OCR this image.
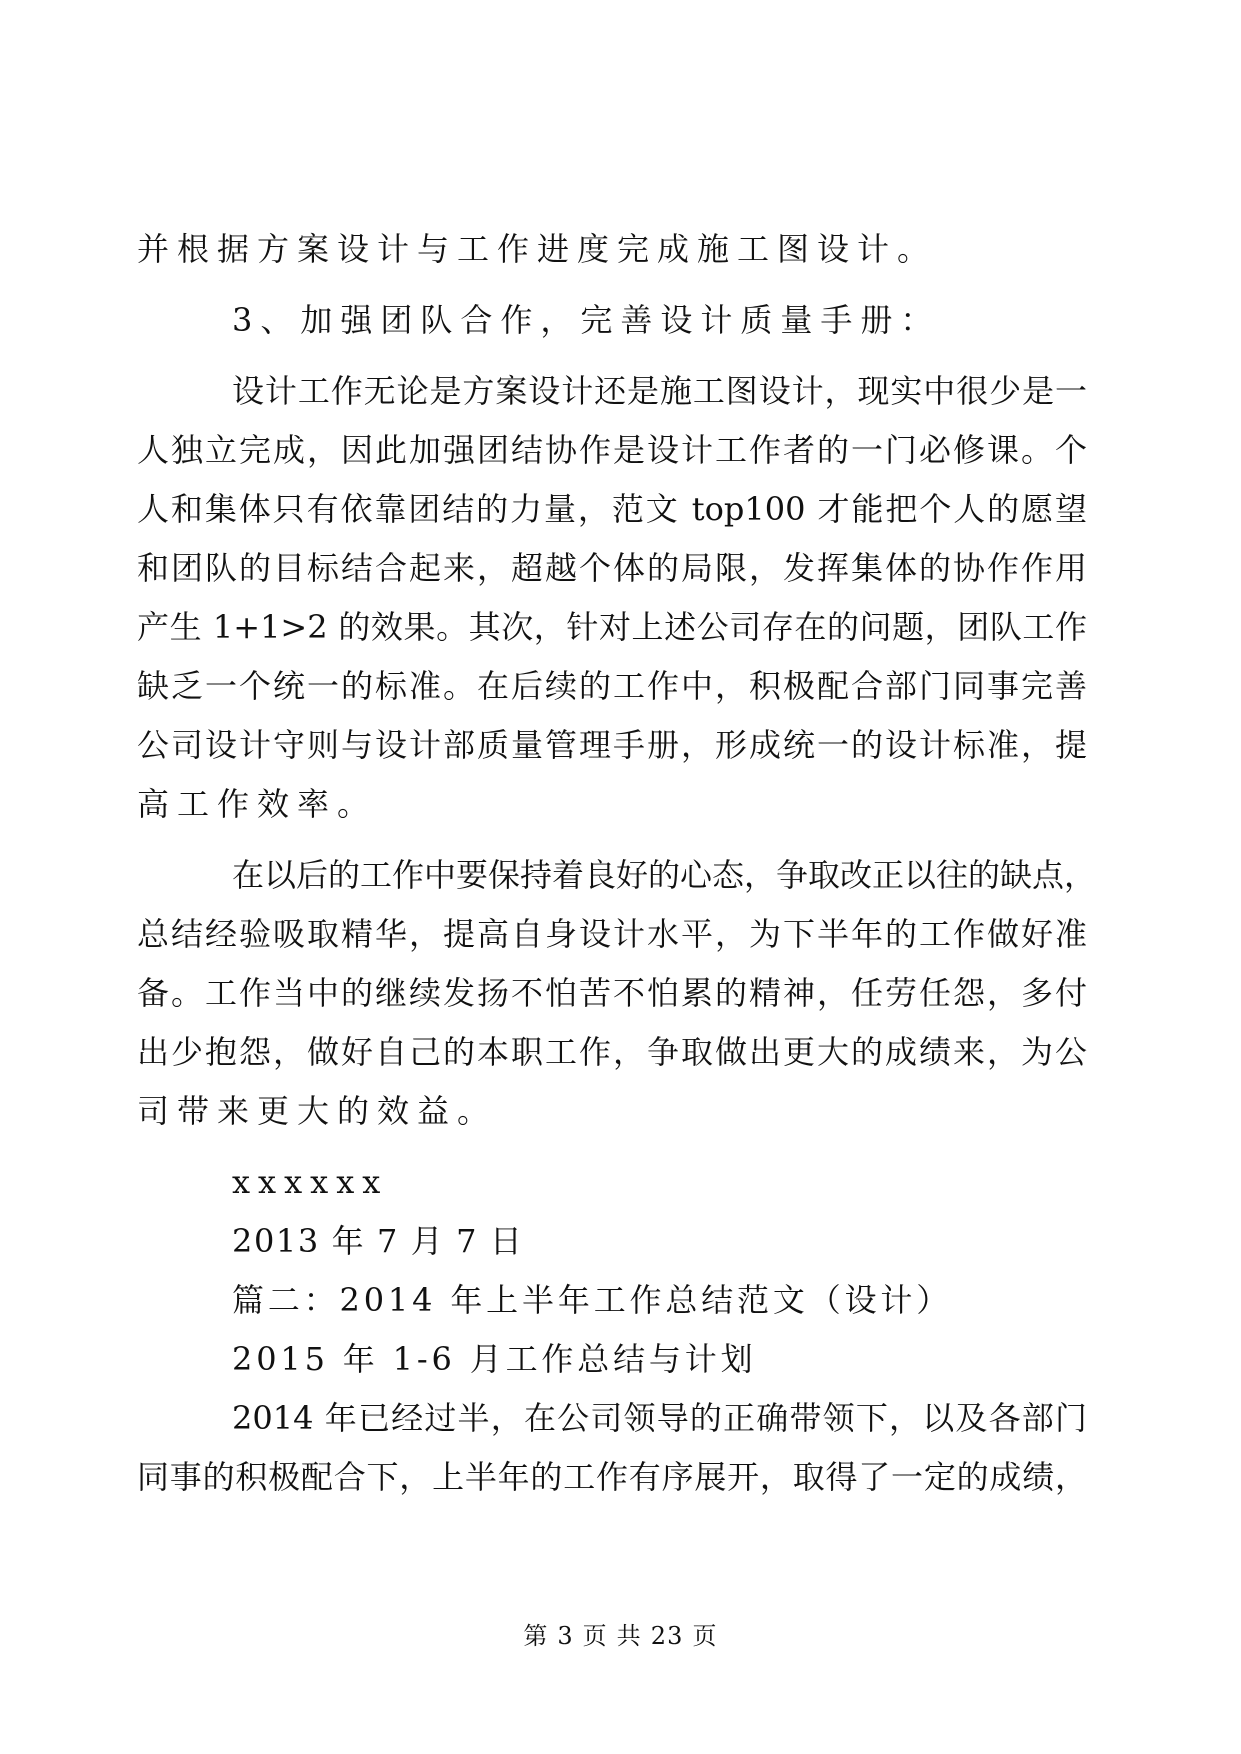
并根据方案设计与工作进度完成施工图设计。
3、加强团队合作，完善设计质量手册：
设计工作无论是方案设计还是施工图设计，现实中很少是一
人独立完成，因此加强团结协作是设计工作者的一门必修课。个
人和集体只有依靠团结的力量，范文 top100 才能把个人的愿望
和团队的目标结合起来，超越个体的局限，发挥集体的协作作用
产生 1+1>2 的效果。其次，针对上述公司存在的问题，团队工作
缺乏一个统一的标准。在后续的工作中，积极配合部门同事完善
公司设计守则与设计部质量管理手册，形成统一的设计标准，提
高工作效率。
在以后的工作中要保持着良好的心态，争取改正以往的缺点，
总结经验吸取精华，提高自身设计水平，为下半年的工作做好准
备。工作当中的继续发扬不怕苦不怕累的精神，任劳任怨，多付
出少抱怨，做好自己的本职工作，争取做出更大的成绩来，为公
司带来更大的效益。
xxxxxx
2013 年 7 月 7 日
篇二：2014 年上半年工作总结范文（设计）
2015 年 1-6 月工作总结与计划
2014 年已经过半，在公司领导的正确带领下，以及各部门
同事的积极配合下，上半年的工作有序展开，取得了一定的成绩，
第 3 页 共 23 页
